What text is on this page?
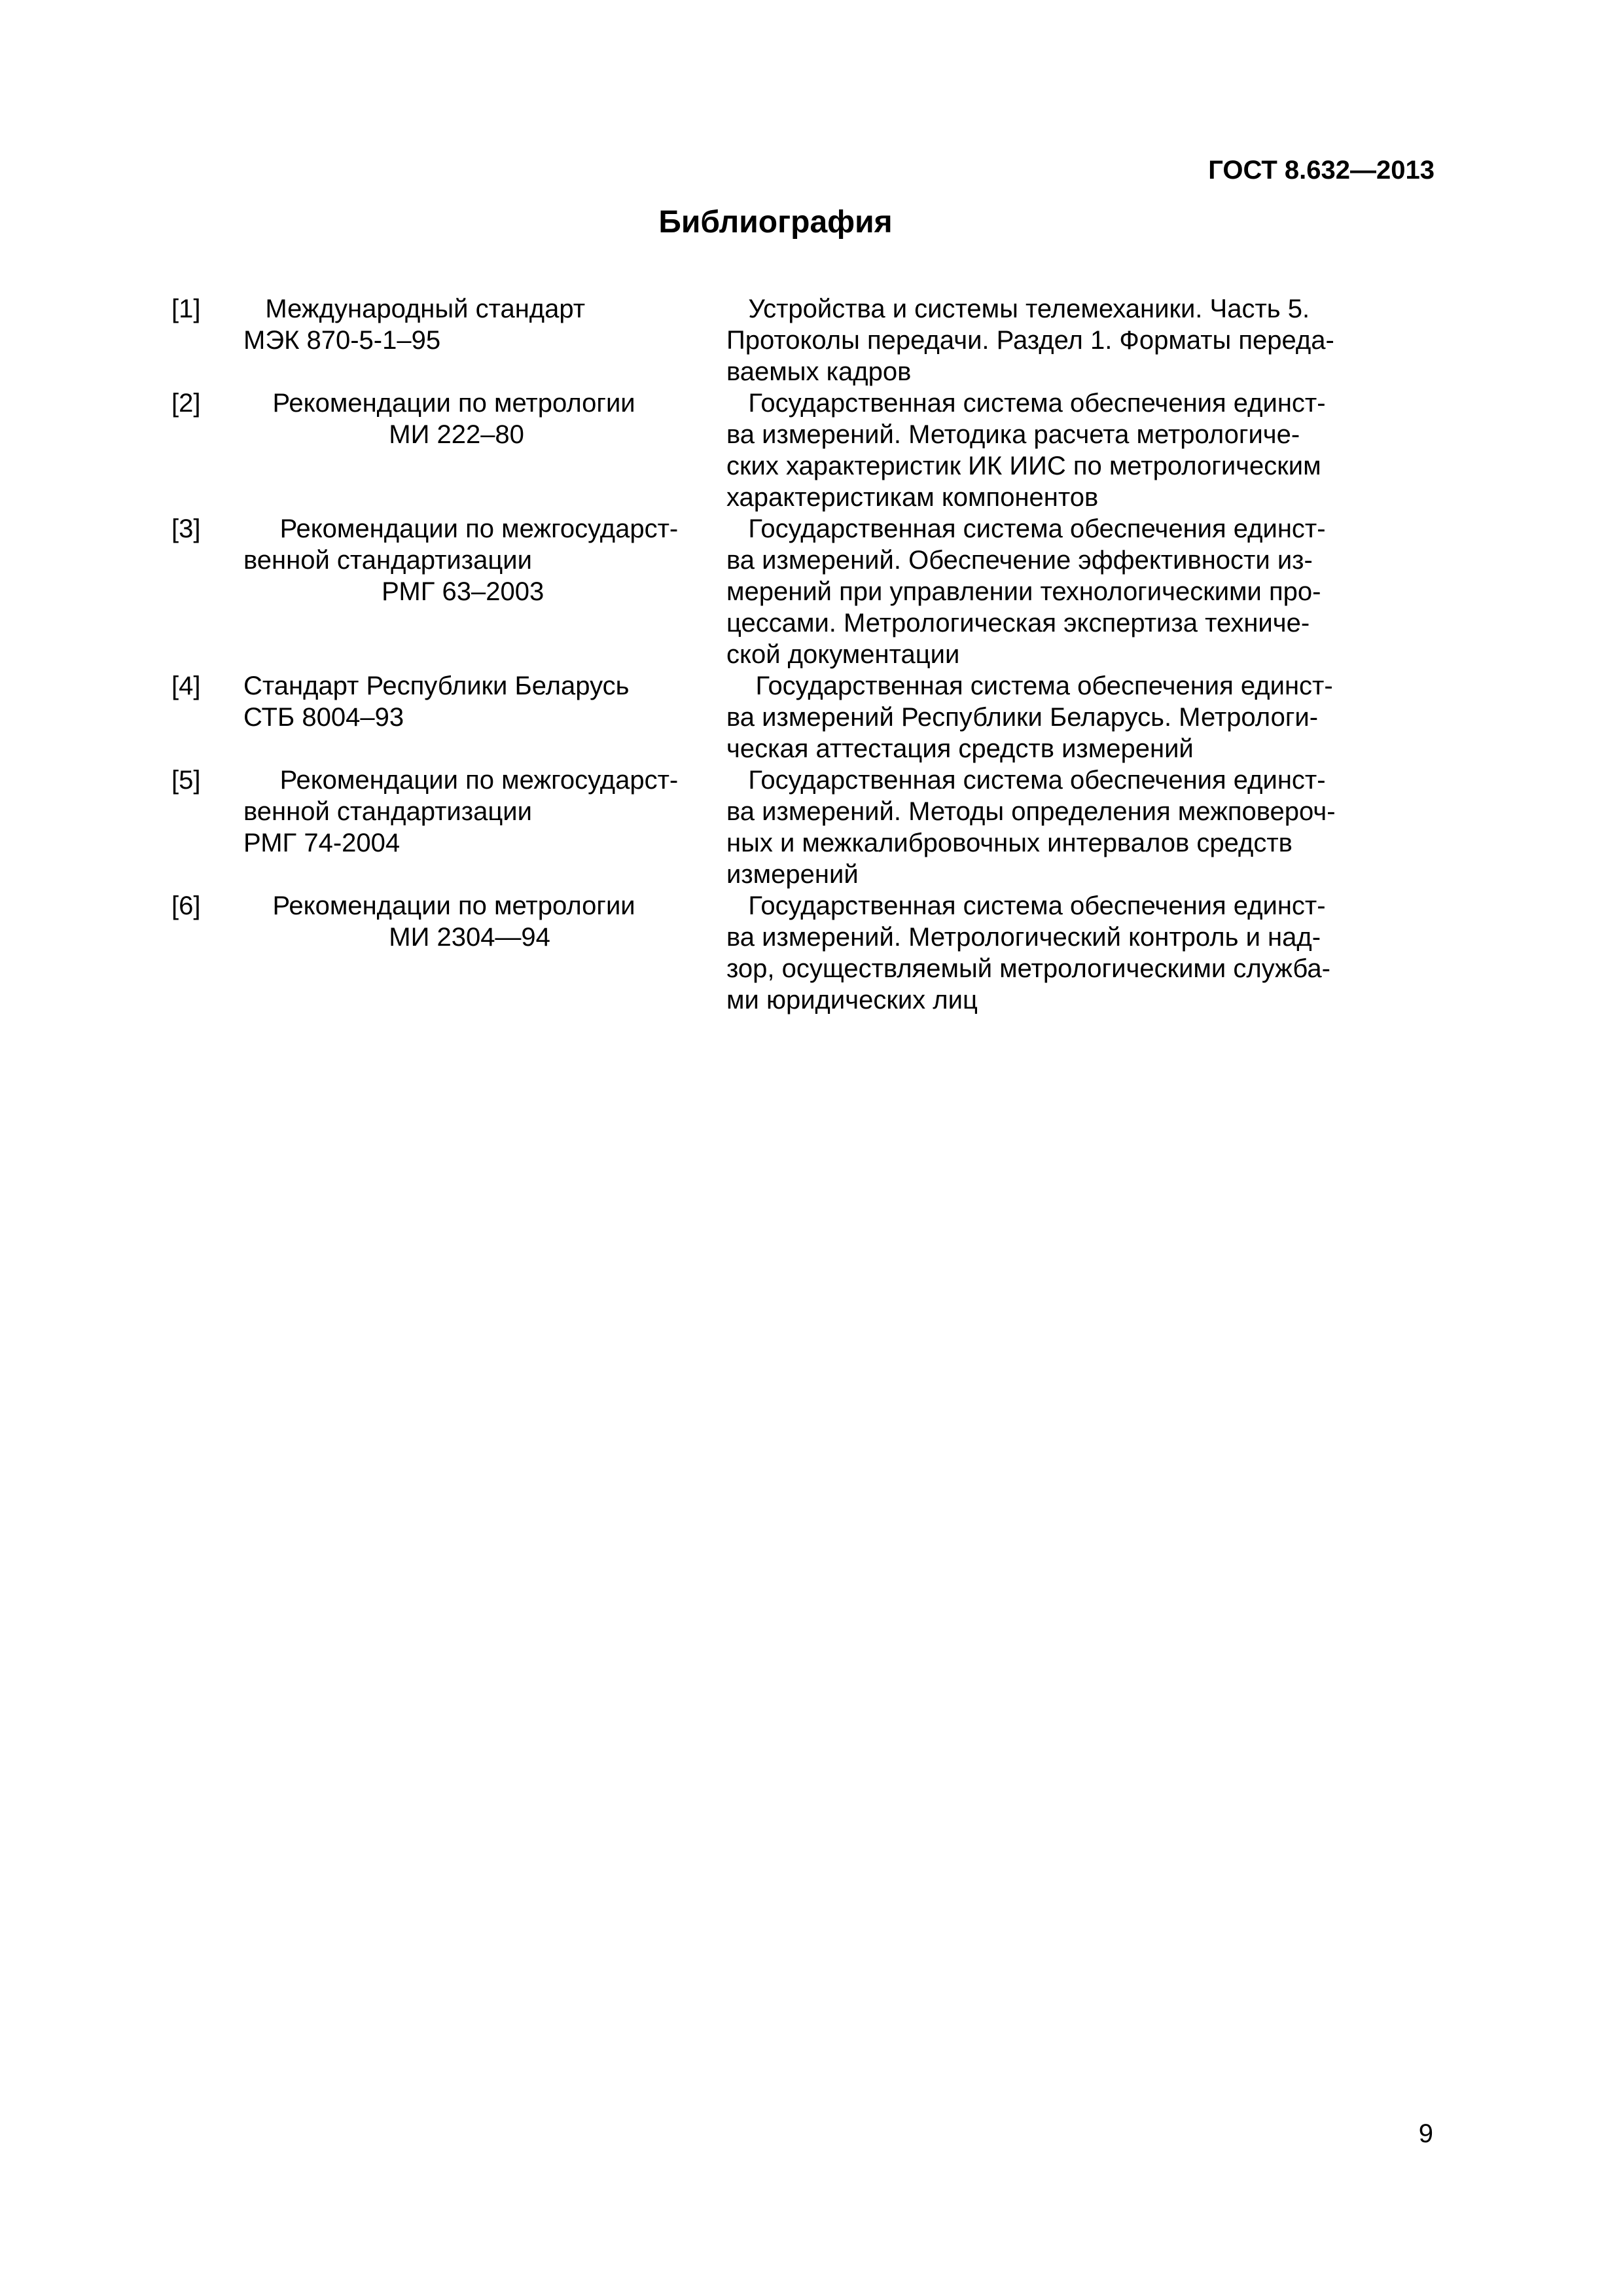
ГОСТ 8.632—2013
Библиография
[1] Международный стандарт
МЭК 870-5-1–95
Устройства и системы телемеханики. Часть 5.
Протоколы передачи. Раздел 1. Форматы переда-
ваемых кадров
[2] Рекомендации по метрологии
МИ 222–80
Государственная система обеспечения единст-
ва измерений. Методика расчета метрологиче-
ских характеристик ИК ИИС по метрологическим
характеристикам компонентов
[3] Рекомендации по межгосударст-
венной стандартизации
РМГ 63–2003
Государственная система обеспечения единст-
ва измерений. Обеспечение эффективности из-
мерений при управлении технологическими про-
цессами. Метрологическая экспертиза техниче-
ской документации
[4] Стандарт Республики Беларусь
СТБ 8004–93
Государственная система обеспечения единст-
ва измерений Республики Беларусь. Метрологи-
ческая аттестация средств измерений
[5] Рекомендации по межгосударст-
венной стандартизации
РМГ 74-2004
Государственная система обеспечения единст-
ва измерений. Методы определения межповероч-
ных и межкалибровочных интервалов средств
измерений
[6] Рекомендации по метрологии
МИ 2304—94
Государственная система обеспечения единст-
ва измерений. Метрологический контроль и над-
зор, осуществляемый метрологическими служба-
ми юридических лиц
9
